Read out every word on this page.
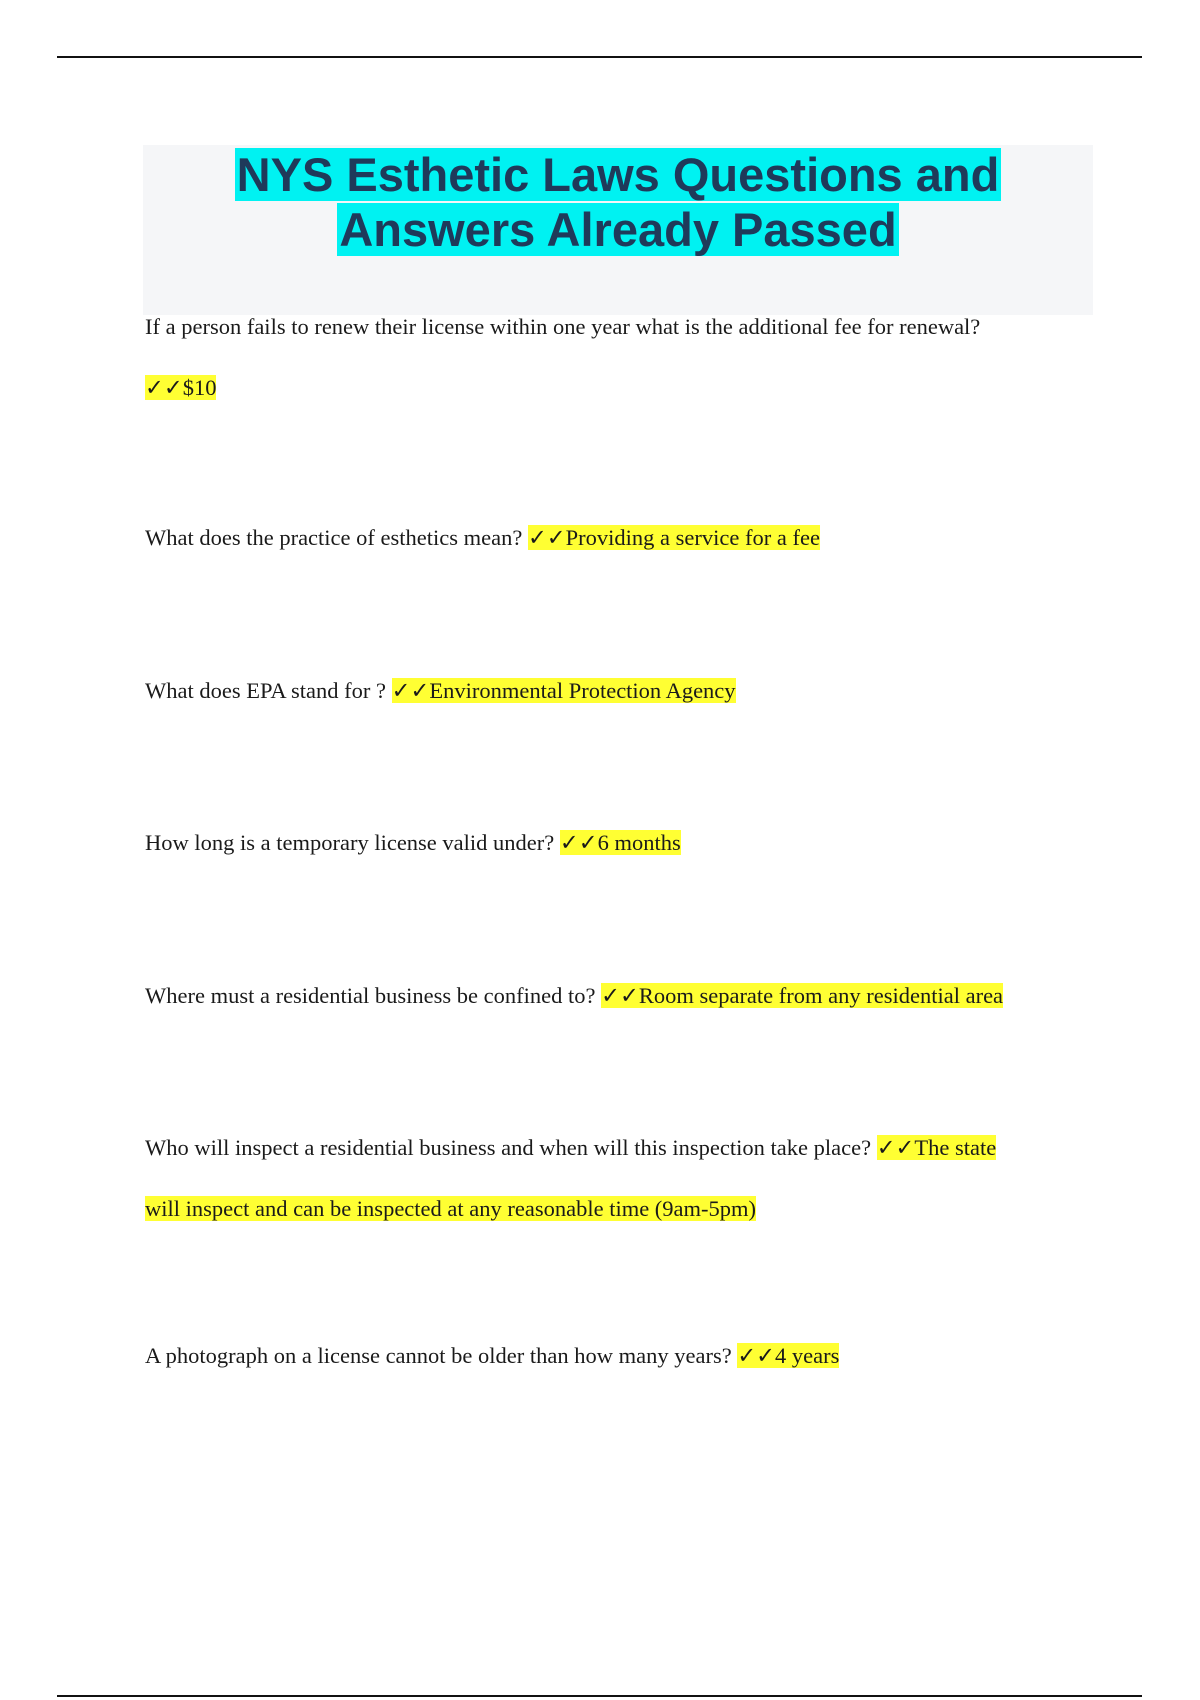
NYS Esthetic Laws Questions and
Answers Already Passed

If a person fails to renew their license within one year what is the additional fee for renewal?
✓✓$10

What does the practice of esthetics mean? ✓✓Providing a service for a fee

What does EPA stand for ? ✓✓Environmental Protection Agency

How long is a temporary license valid under? ✓✓6 months

Where must a residential business be confined to? ✓✓Room separate from any residential area

Who will inspect a residential business and when will this inspection take place? ✓✓The state
will inspect and can be inspected at any reasonable time (9am-5pm)

A photograph on a license cannot be older than how many years? ✓✓4 years
